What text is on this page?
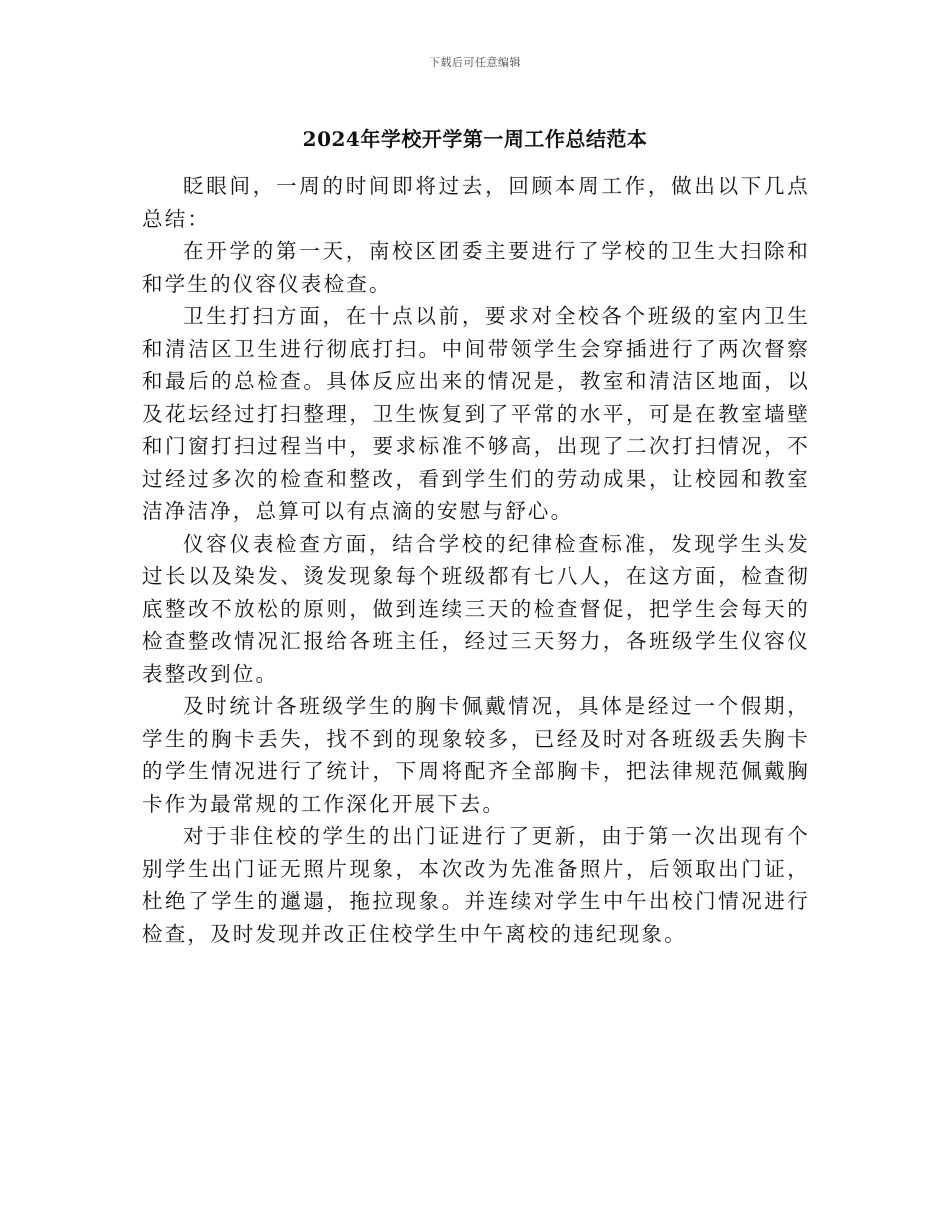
下载后可任意编辑
2024年学校开学第一周工作总结范本

眨眼间，一周的时间即将过去，回顾本周工作，做出以下几点总结：

在开学的第一天，南校区团委主要进行了学校的卫生大扫除和和学生的仪容仪表检查。

卫生打扫方面，在十点以前，要求对全校各个班级的室内卫生和清洁区卫生进行彻底打扫。中间带领学生会穿插进行了两次督察和最后的总检查。具体反应出来的情况是，教室和清洁区地面，以及花坛经过打扫整理，卫生恢复到了平常的水平，可是在教室墙壁和门窗打扫过程当中，要求标准不够高，出现了二次打扫情况，不过经过多次的检查和整改，看到学生们的劳动成果，让校园和教室洁净洁净，总算可以有点滴的安慰与舒心。

仪容仪表检查方面，结合学校的纪律检查标准，发现学生头发过长以及染发、烫发现象每个班级都有七八人，在这方面，检查彻底整改不放松的原则，做到连续三天的检查督促，把学生会每天的检查整改情况汇报给各班主任，经过三天努力，各班级学生仪容仪表整改到位。

及时统计各班级学生的胸卡佩戴情况，具体是经过一个假期，学生的胸卡丢失，找不到的现象较多，已经及时对各班级丢失胸卡的学生情况进行了统计，下周将配齐全部胸卡，把法律规范佩戴胸卡作为最常规的工作深化开展下去。

对于非住校的学生的出门证进行了更新，由于第一次出现有个别学生出门证无照片现象，本次改为先准备照片，后领取出门证，杜绝了学生的邋遢，拖拉现象。并连续对学生中午出校门情况进行检查，及时发现并改正住校学生中午离校的违纪现象。
